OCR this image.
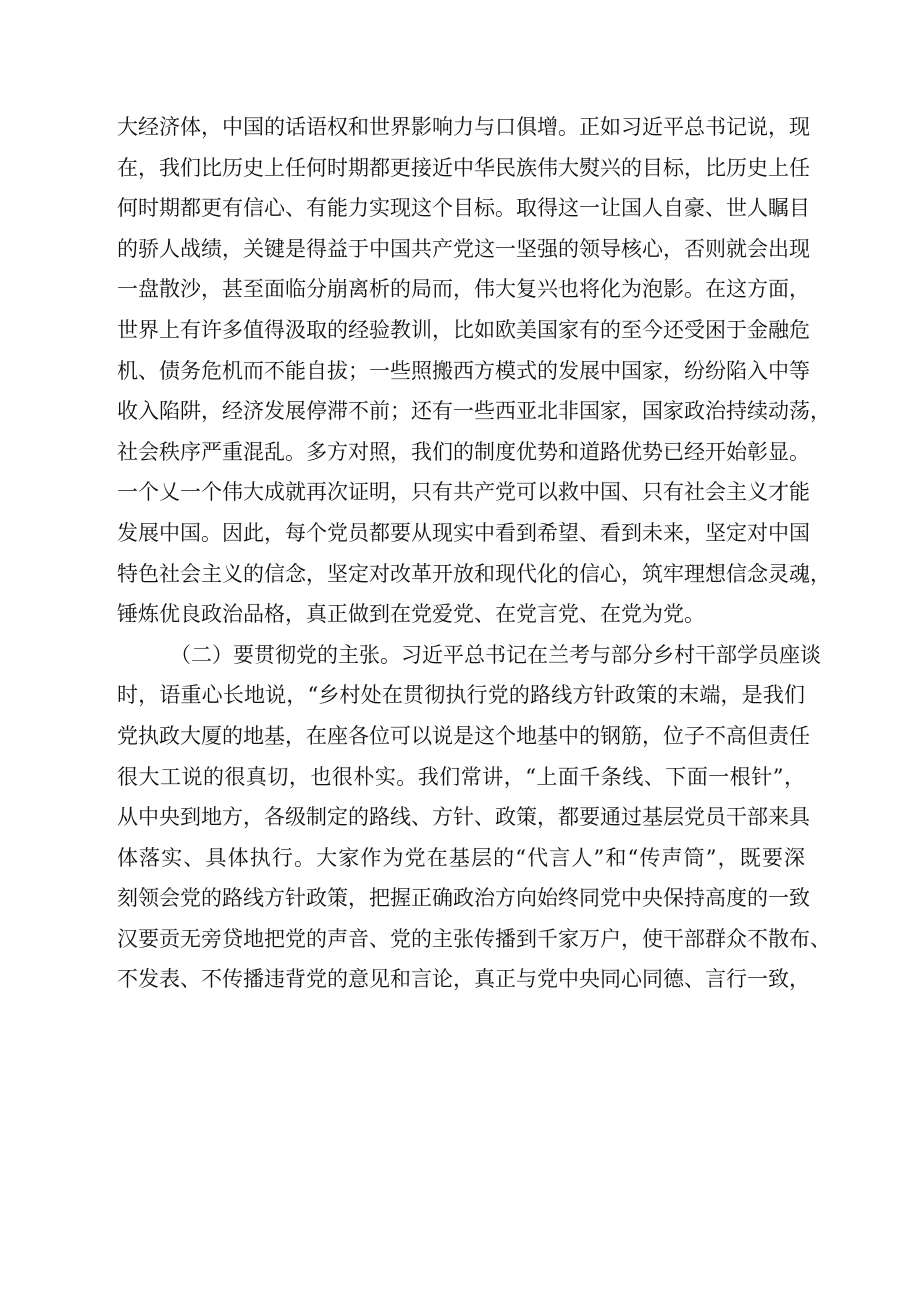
大经济体，中国的话语权和世界影响力与口俱增。正如习近平总书记说，现
在，我们比历史上任何时期都更接近中华民族伟大熨兴的目标，比历史上任
何时期都更有信心、有能力实现这个目标。取得这一让国人自豪、世人瞩目
的骄人战绩，关键是得益于中国共产党这一坚强的领导核心，否则就会出现
一盘散沙，甚至面临分崩离析的局而，伟大复兴也将化为泡影。在这方面，
世界上有许多值得汲取的经验教训，比如欧美国家有的至今还受困于金融危
机、债务危机而不能自拔；一些照搬西方模式的发展中国家，纷纷陷入中等
收入陷阱，经济发展停滞不前；还有一些西亚北非国家，国家政治持续动荡，
社会秩序严重混乱。多方对照，我们的制度优势和道路优势已经开始彰显。
一个乂一个伟大成就再次证明，只有共产党可以救中国、只有社会主义才能
发展中国。因此，每个党员都要从现实中看到希望、看到未来，坚定对中国
特色社会主义的信念，坚定对改革开放和现代化的信心，筑牢理想信念灵魂，
锤炼优良政治品格，真正做到在党爱党、在党言党、在党为党。
（二）要贯彻党的主张。习近平总书记在兰考与部分乡村干部学员座谈
时，语重心长地说，“乡村处在贯彻执行党的路线方针政策的末端，是我们
党执政大厦的地基，在座各位可以说是这个地基中的钢筋，位子不高但责任
很大工说的很真切，也很朴实。我们常讲，“上面千条线、下面一根针”，
从中央到地方，各级制定的路线、方针、政策，都要通过基层党员干部来具
体落实、具体执行。大家作为党在基层的“代言人”和“传声筒”，既要深
刻领会党的路线方针政策，把握正确政治方向始终同党中央保持高度的一致
汉要贡无旁贷地把党的声音、党的主张传播到千家万户，使干部群众不散布、
不发表、不传播违背党的意见和言论，真正与党中央同心同德、言行一致，
